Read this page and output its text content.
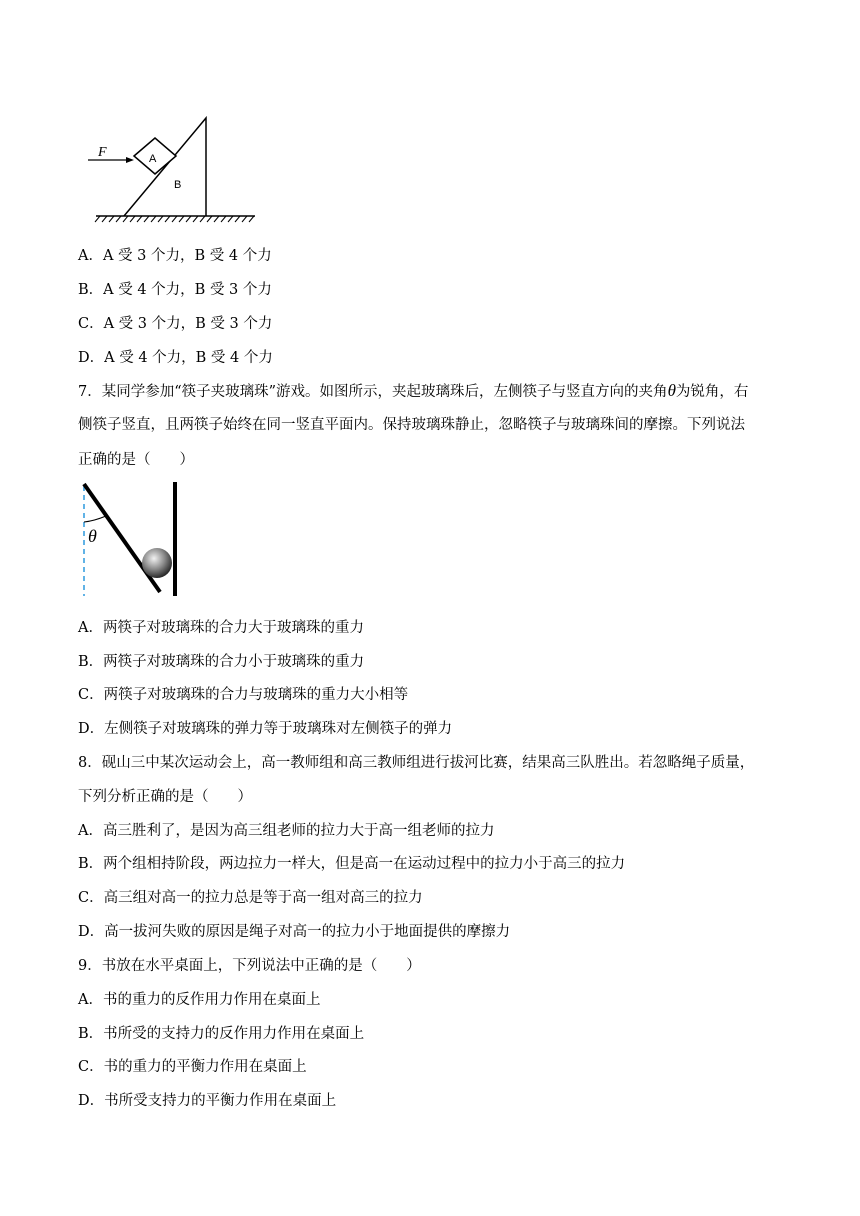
F	A
B
A．A 受 3 个力，B 受 4 个力
B．A 受 4 个力，B 受 3 个力
C．A 受 3 个力，B 受 3 个力
D．A 受 4 个力，B 受 4 个力
7．某同学参加“筷子夹玻璃珠”游戏。如图所示，夹起玻璃珠后，左侧筷子与竖直方向的夹角θ为锐角，右
侧筷子竖直，且两筷子始终在同一竖直平面内。保持玻璃珠静止，忽略筷子与玻璃珠间的摩擦。下列说法
正确的是（　　）
θ
A．两筷子对玻璃珠的合力大于玻璃珠的重力
B．两筷子对玻璃珠的合力小于玻璃珠的重力
C．两筷子对玻璃珠的合力与玻璃珠的重力大小相等
D．左侧筷子对玻璃珠的弹力等于玻璃珠对左侧筷子的弹力
8．砚山三中某次运动会上，高一教师组和高三教师组进行拔河比赛，结果高三队胜出。若忽略绳子质量，
下列分析正确的是（　　）
A．高三胜利了，是因为高三组老师的拉力大于高一组老师的拉力
B．两个组相持阶段，两边拉力一样大，但是高一在运动过程中的拉力小于高三的拉力
C．高三组对高一的拉力总是等于高一组对高三的拉力
D．高一拔河失败的原因是绳子对高一的拉力小于地面提供的摩擦力
9．书放在水平桌面上，下列说法中正确的是（　　）
A．书的重力的反作用力作用在桌面上
B．书所受的支持力的反作用力作用在桌面上
C．书的重力的平衡力作用在桌面上
D．书所受支持力的平衡力作用在桌面上
